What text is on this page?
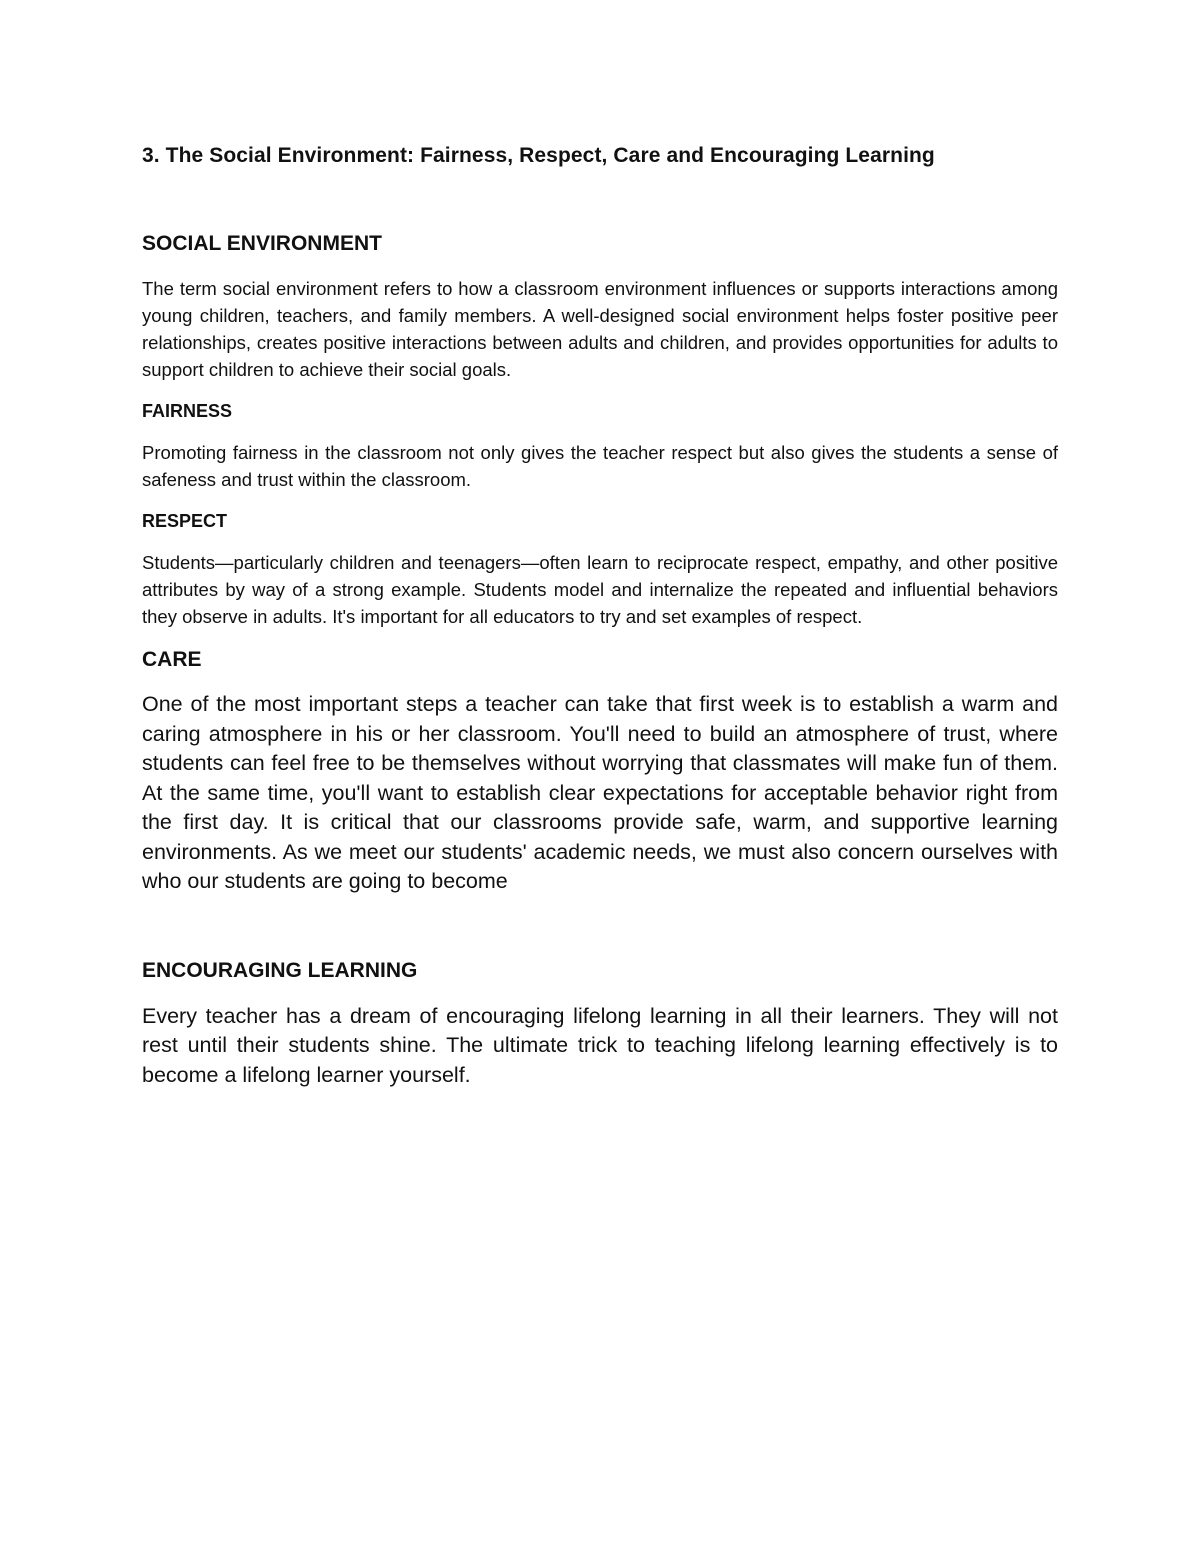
3. The Social Environment: Fairness, Respect, Care and Encouraging Learning
SOCIAL ENVIRONMENT

The term social environment refers to how a classroom environment influences or supports interactions among young children, teachers, and family members. A well-designed social environment helps foster positive peer relationships, creates positive interactions between adults and children, and provides opportunities for adults to support children to achieve their social goals.

FAIRNESS

Promoting fairness in the classroom not only gives the teacher respect but also gives the students a sense of safeness and trust within the classroom.

RESPECT

Students—particularly children and teenagers—often learn to reciprocate respect, empathy, and other positive attributes by way of a strong example. Students model and internalize the repeated and influential behaviors they observe in adults. It's important for all educators to try and set examples of respect.

CARE

One of the most important steps a teacher can take that first week is to establish a warm and caring atmosphere in his or her classroom. You'll need to build an atmosphere of trust, where students can feel free to be themselves without worrying that classmates will make fun of them. At the same time, you'll want to establish clear expectations for acceptable behavior right from the first day. It is critical that our classrooms provide safe, warm, and supportive learning environments. As we meet our students' academic needs, we must also concern ourselves with who our students are going to become

ENCOURAGING LEARNING

Every teacher has a dream of encouraging lifelong learning in all their learners. They will not rest until their students shine. The ultimate trick to teaching lifelong learning effectively is to become a lifelong learner yourself.
